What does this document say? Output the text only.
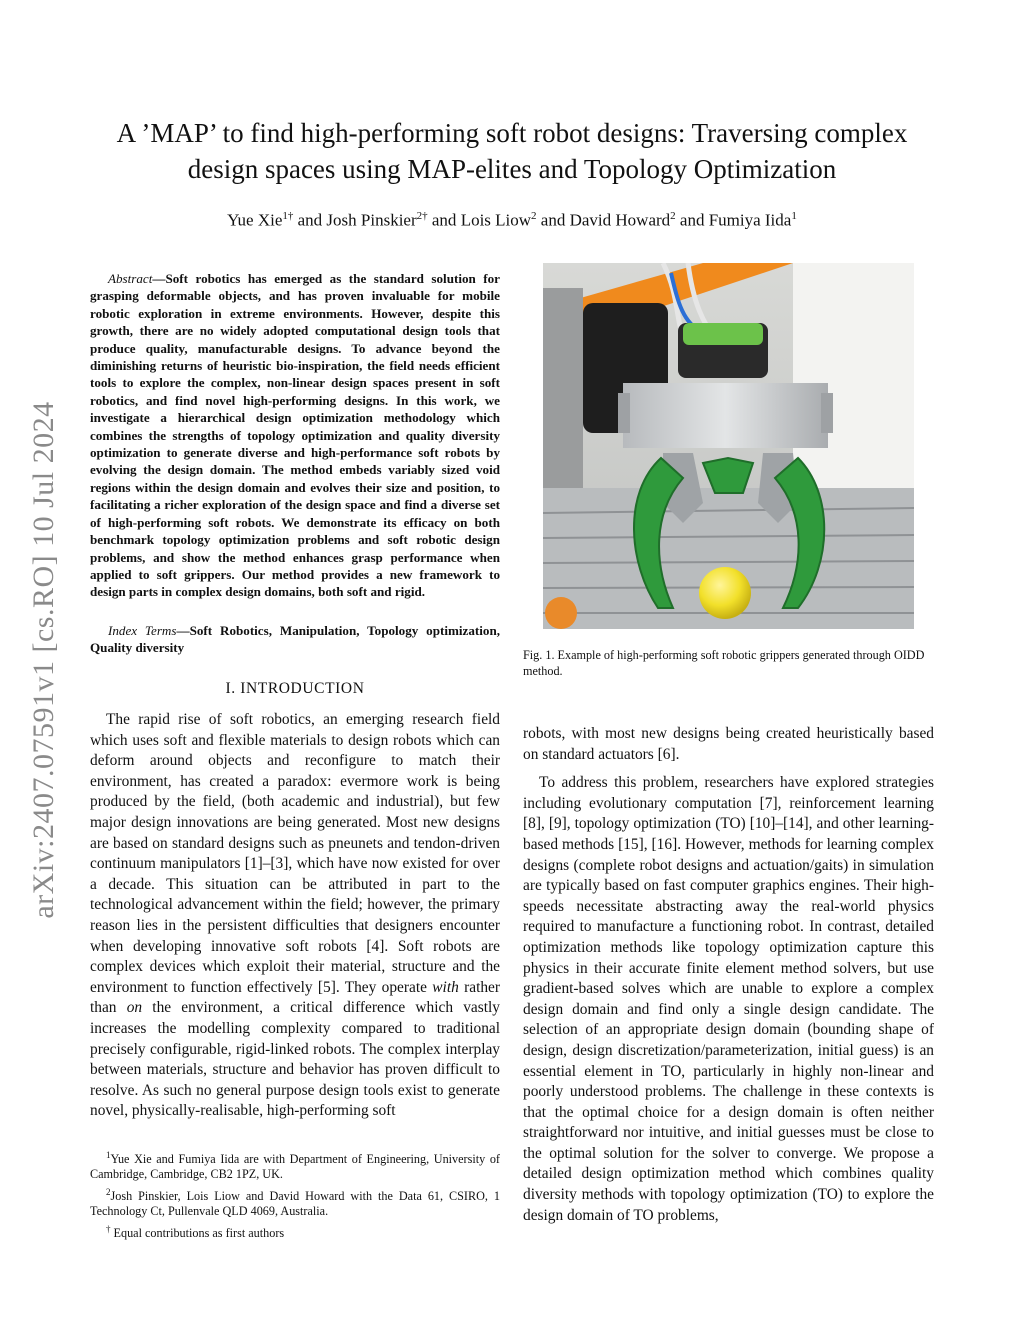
A ’MAP’ to find high-performing soft robot designs: Traversing complex
design spaces using MAP-elites and Topology Optimization
Yue Xie$^{1\dagger}$ and Josh Pinskier$^{2\dagger}$ and Lois Liow$^2$ and David Howard$^2$ and Fumiya Iida$^1$
arXiv:2407.07591v1 [cs.RO] 10 Jul 2024

Abstract—Soft robotics has emerged as the standard solution for grasping deformable objects, and has proven invaluable for mobile robotic exploration in extreme environments. However, despite this growth, there are no widely adopted computational design tools that produce quality, manufacturable designs. To advance beyond the diminishing returns of heuristic bio-inspiration, the field needs efficient tools to explore the complex, non-linear design spaces present in soft robotics, and find novel high-performing designs. In this work, we investigate a hierarchical design optimization methodology which combines the strengths of topology optimization and quality diversity optimization to generate diverse and high-performance soft robots by evolving the design domain. The method embeds variably sized void regions within the design domain and evolves their size and position, to facilitating a richer exploration of the design space and find a diverse set of high-performing soft robots. We demonstrate its efficacy on both benchmark topology optimization problems and soft robotic design problems, and show the method enhances grasp performance when applied to soft grippers. Our method provides a new framework to design parts in complex design domains, both soft and rigid.

Index Terms—Soft Robotics, Manipulation, Topology optimization, Quality diversity

I. INTRODUCTION

The rapid rise of soft robotics, an emerging research field which uses soft and flexible materials to design robots which can deform around objects and reconfigure to match their environment, has created a paradox: evermore work is being produced by the field, (both academic and industrial), but few major design innovations are being generated. Most new designs are based on standard designs such as pneunets and tendon-driven continuum manipulators [1]–[3], which have now existed for over a decade. This situation can be attributed in part to the technological advancement within the field; however, the primary reason lies in the persistent difficulties that designers encounter when developing innovative soft robots [4]. Soft robots are complex devices which exploit their material, structure and the environment to function effectively [5]. They operate with rather than on the environment, a critical difference which vastly increases the modelling complexity compared to traditional precisely configurable, rigid-linked robots. The complex interplay between materials, structure and behavior has proven difficult to resolve. As such no general purpose design tools exist to generate novel, physically-realisable, high-performing soft

$^1$Yue Xie and Fumiya Iida are with Department of Engineering, University of Cambridge, Cambridge, CB2 1PZ, UK.

$^2$Josh Pinskier, Lois Liow and David Howard with the Data 61, CSIRO, 1 Technology Ct, Pullenvale QLD 4069, Australia.

† Equal contributions as first authors

Fig. 1. Example of high-performing soft robotic grippers generated through OIDD method.

robots, with most new designs being created heuristically based on standard actuators [6].

To address this problem, researchers have explored strategies including evolutionary computation [7], reinforcement learning [8], [9], topology optimization (TO) [10]–[14], and other learning-based methods [15], [16]. However, methods for learning complex designs (complete robot designs and actuation/gaits) in simulation are typically based on fast computer graphics engines. Their high-speeds necessitate abstracting away the real-world physics required to manufacture a functioning robot. In contrast, detailed optimization methods like topology optimization capture this physics in their accurate finite element method solvers, but use gradient-based solves which are unable to explore a complex design domain and find only a single design candidate. The selection of an appropriate design domain (bounding shape of design, design discretization/parameterization, initial guess) is an essential element in TO, particularly in highly non-linear and poorly understood problems. The challenge in these contexts is that the optimal choice for a design domain is often neither straightforward nor intuitive, and initial guesses must be close to the optimal solution for the solver to converge. We propose a detailed design optimization method which combines quality diversity methods with topology optimization (TO) to explore the design domain of TO problems,
